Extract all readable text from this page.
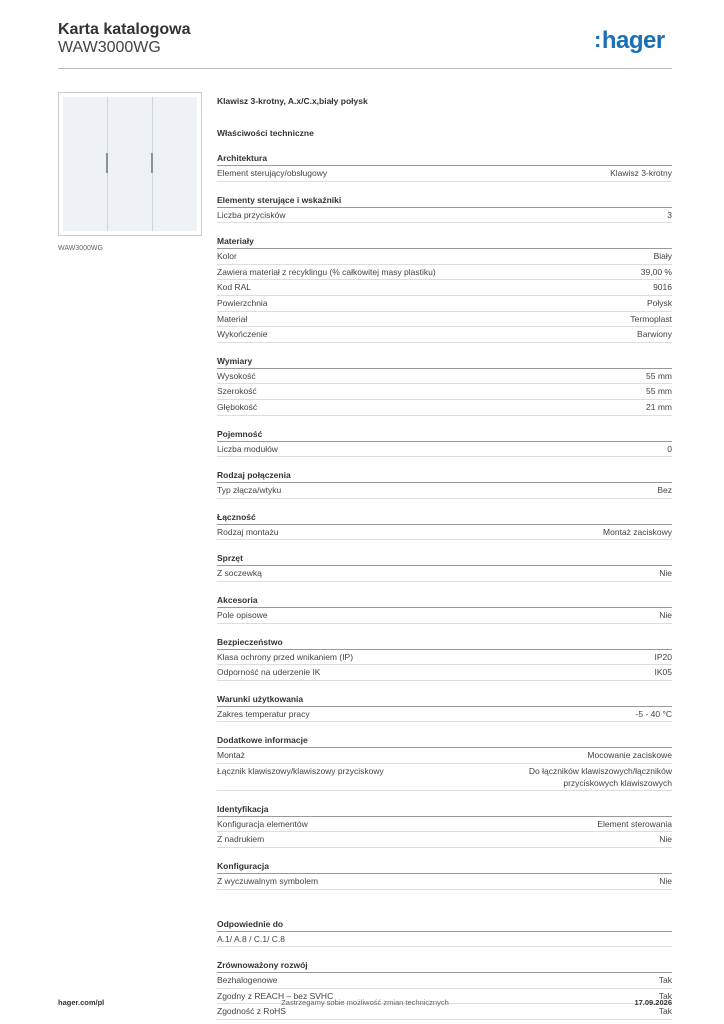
Karta katalogowa
WAW3000WG	:hager
WAW3000WG
Klawisz 3-krotny, A.x/C.x,biały połysk
Właściwości techniczne
Architektura
Element sterujący/obsługowy	Klawisz 3-krotny
Elementy sterujące i wskaźniki
Liczba przycisków	3
Materiały
Kolor	Biały
Zawiera materiał z recyklingu (% całkowitej masy plastiku)	39,00 %
Kod RAL	9016
Powierzchnia	Połysk
Materiał	Termoplast
Wykończenie	Barwiony
Wymiary
Wysokość	55 mm
Szerokość	55 mm
Głębokość	21 mm
Pojemność
Liczba modułów	0
Rodzaj połączenia
Typ złącza/wtyku	Bez
Łączność
Rodzaj montażu	Montaż zaciskowy
Sprzęt
Z soczewką	Nie
Akcesoria
Pole opisowe	Nie
Bezpieczeństwo
Klasa ochrony przed wnikaniem (IP)	IP20
Odporność na uderzenie IK	IK05
Warunki użytkowania
Zakres temperatur pracy	-5 - 40 °C
Dodatkowe informacje
Montaż	Mocowanie zaciskowe
Łącznik klawiszowy/klawiszowy przyciskowy	Do łączników klawiszowych/łączników przyciskowych klawiszowych
Identyfikacja
Konfiguracja elementów	Element sterowania
Z nadrukiem	Nie
Konfiguracja
Z wyczuwalnym symbolem	Nie
Odpowiednie do
A.1/ A.8 / C.1/ C.8
Zrównoważony rozwój
Bezhalogenowe	Tak
Zgodny z REACH – bez SVHC	Tak
Zgodność z RoHS	Tak
hager.com/pl	Zastrzegamy sobie możliwość zmian technicznych	17.09.2026
